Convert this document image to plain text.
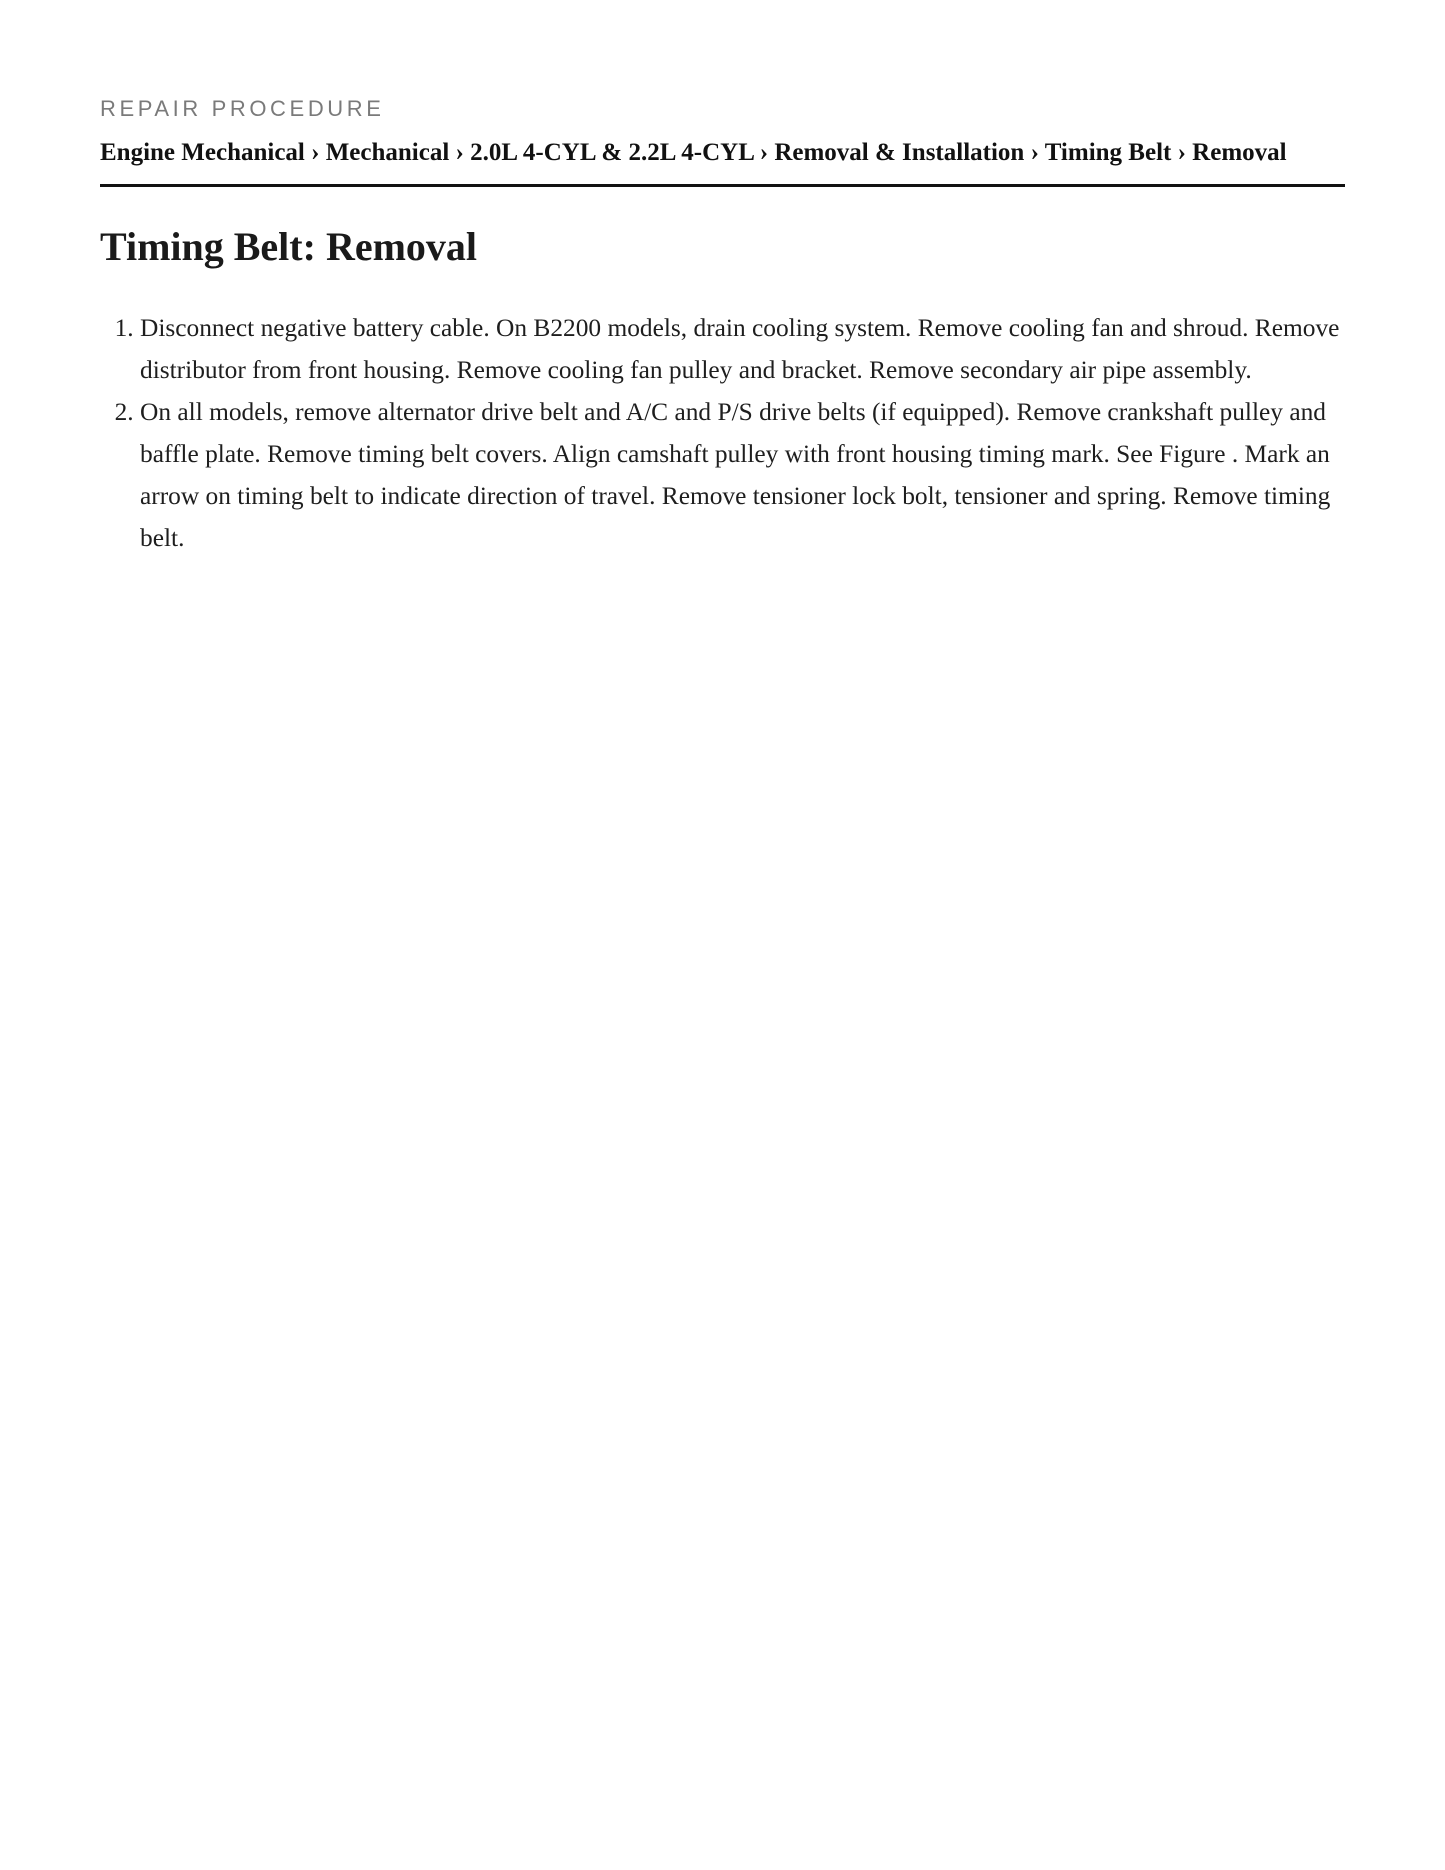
REPAIR PROCEDURE
Engine Mechanical › Mechanical › 2.0L 4-CYL & 2.2L 4-CYL › Removal & Installation › Timing Belt › Removal
Timing Belt: Removal
1. Disconnect negative battery cable. On B2200 models, drain cooling system. Remove cooling fan and shroud. Remove distributor from front housing. Remove cooling fan pulley and bracket. Remove secondary air pipe assembly.
2. On all models, remove alternator drive belt and A/C and P/S drive belts (if equipped). Remove crankshaft pulley and baffle plate. Remove timing belt covers. Align camshaft pulley with front housing timing mark. See Figure . Mark an arrow on timing belt to indicate direction of travel. Remove tensioner lock bolt, tensioner and spring. Remove timing belt.
